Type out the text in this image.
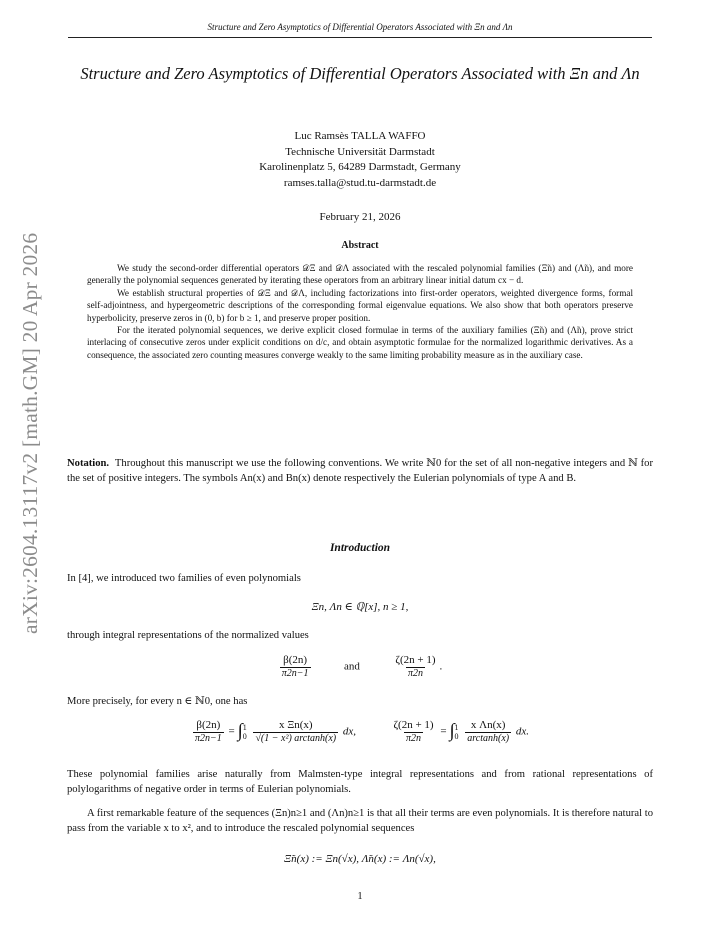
Structure and Zero Asymptotics of Differential Operators Associated with Ξn and Λn
Structure and Zero Asymptotics of Differential Operators Associated with Ξn and Λn
Luc Ramsès TALLA WAFFO
Technische Universität Darmstadt
Karolinenplatz 5, 64289 Darmstadt, Germany
ramses.talla@stud.tu-darmstadt.de
February 21, 2026
Abstract

We study the second-order differential operators 𝒟Ξ and 𝒟Λ associated with the rescaled polynomial families (Ξ̃n) and (Λ̃n), and more generally the polynomial sequences generated by iterating these operators from an arbitrary linear initial datum cx − d.

We establish structural properties of 𝒟Ξ and 𝒟Λ, including factorizations into first-order operators, weighted divergence forms, formal self-adjointness, and hypergeometric descriptions of the corresponding formal eigenvalue equations. We also show that both operators preserve hyperbolicity, preserve zeros in (0, b) for b ≥ 1, and preserve proper position.

For the iterated polynomial sequences, we derive explicit closed formulae in terms of the auxiliary families (Ξ̃n) and (Λ̃n), prove strict interlacing of consecutive zeros under explicit conditions on d/c, and obtain asymptotic formulae for the normalized logarithmic derivatives. As a consequence, the associated zero counting measures converge weakly to the same limiting probability measure as in the auxiliary case.

Notation. Throughout this manuscript we use the following conventions. We write ℕ0 for the set of all non-negative integers and ℕ for the set of positive integers. The symbols An(x) and Bn(x) denote respectively the Eulerian polynomials of type A and B.
Introduction
In [4], we introduced two families of even polynomials
Ξn, Λn ∈ ℚ[x], n ≥ 1,
through integral representations of the normalized values
$\frac{\beta(2n)}{\pi 2n-1}$	and	$\frac{\zeta(2n + 1)}{\pi 2n}$ .
More precisely, for every n ∈ ℕ0, one has
$\frac{\beta(2n)}{\pi 2n-1}$ = ∫ 1
0
$\frac{\text{x Ξn(x)}}{\text{√(1 − x²) arctanh(x)}}$ dx,	$\frac{\zeta(2n + 1)}{\pi 2n}$ = ∫ 1
0
$\frac{\text{x Λn(x)}}{\arctan h(x)}$ dx.
These polynomial families arise naturally from Malmsten-type integral representations and from rational representations of polylogarithms of negative order in terms of Eulerian polynomials.
A first remarkable feature of the sequences (Ξn)n≥1 and (Λn)n≥1 is that all their terms are even polynomials. It is therefore natural to pass from the variable x to x², and to introduce the rescaled polynomial sequences
Ξ̃n(x) := Ξn(√x), Λ̃n(x) := Λn(√x),
1
arXiv:2604.13117v2 [math.GM] 20 Apr 2026
